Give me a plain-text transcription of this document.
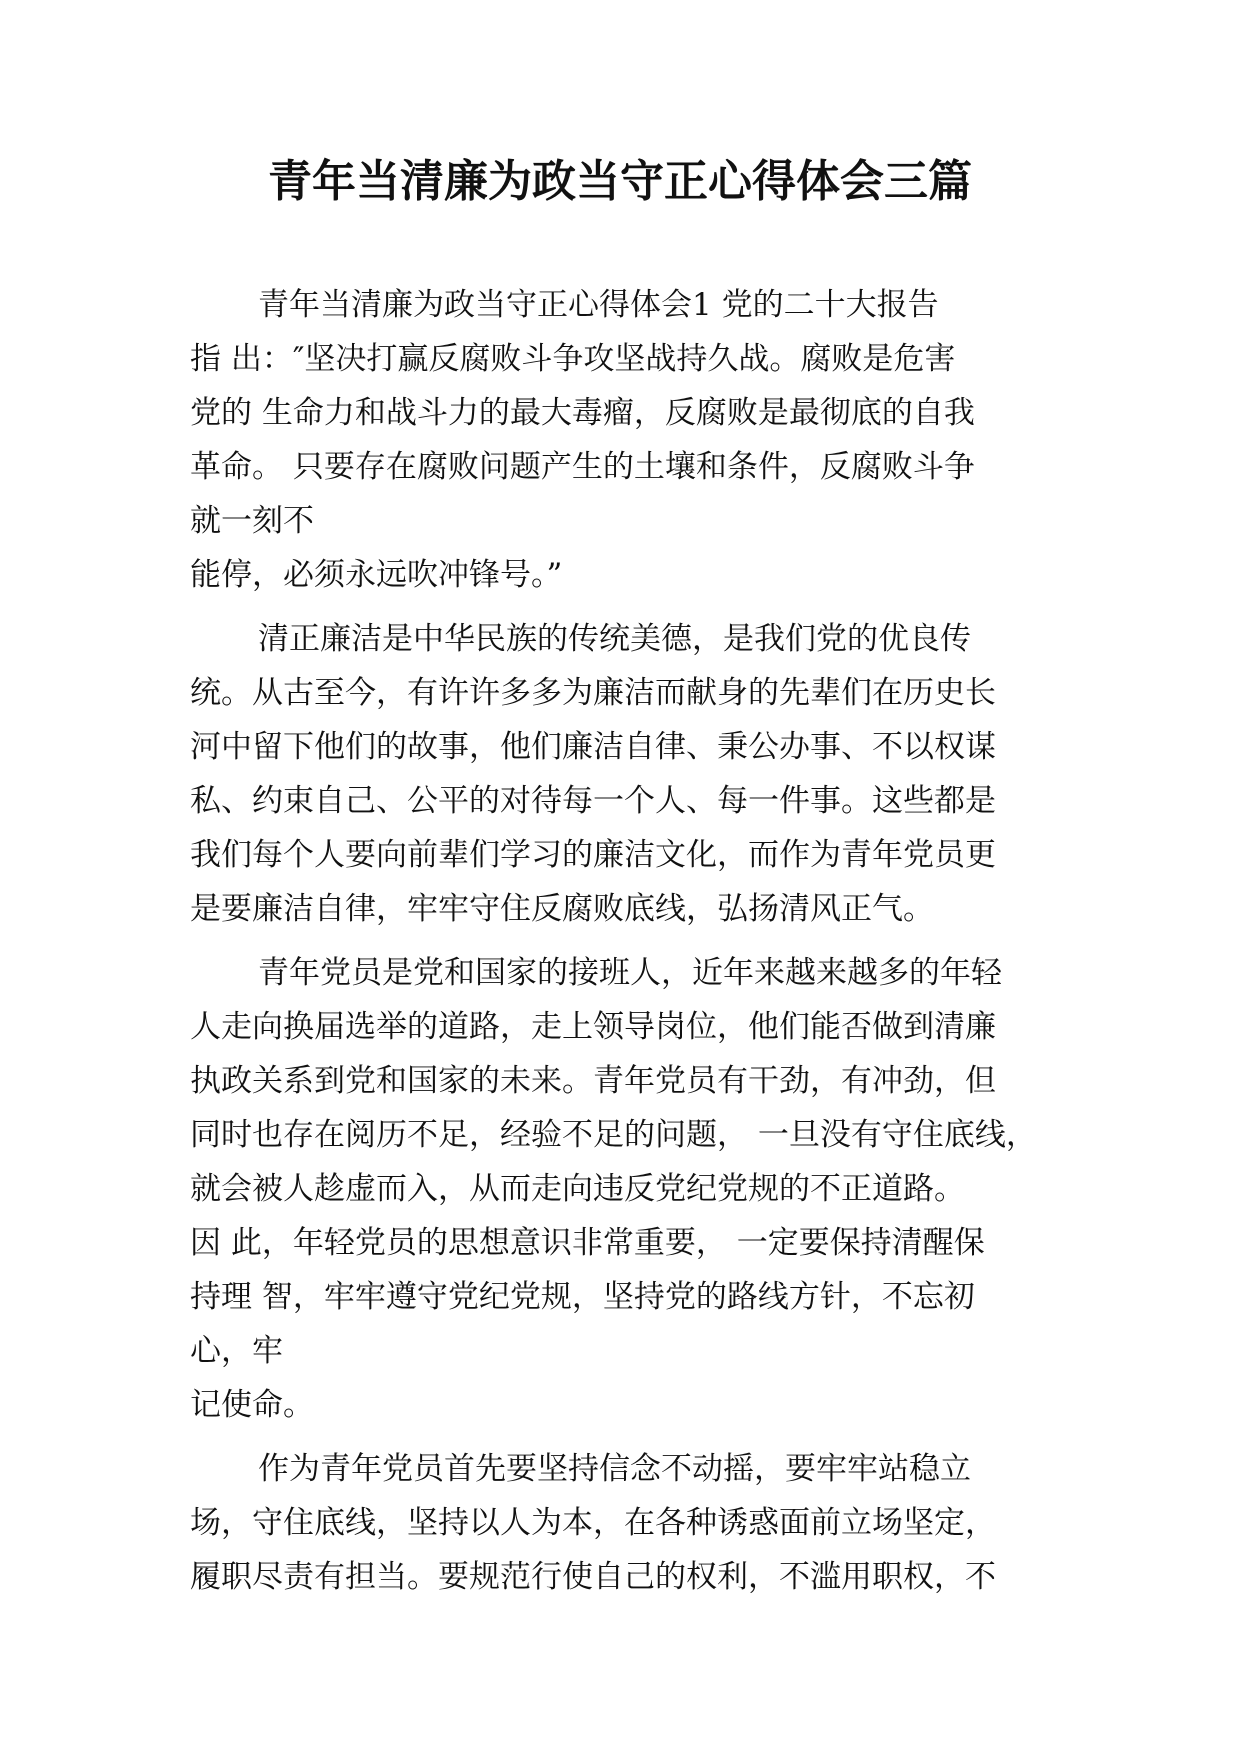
青年当清廉为政当守正心得体会三篇

青年当清廉为政当守正心得体会1 党的二十大报告
指 出：″坚决打赢反腐败斗争攻坚战持久战。腐败是危害
党的 生命力和战斗力的最大毒瘤，反腐败是最彻底的自我
革命。 只要存在腐败问题产生的土壤和条件，反腐败斗争
就一刻不
能停，必须永远吹冲锋号。”

清正廉洁是中华民族的传统美德，是我们党的优良传
统。从古至今，有许许多多为廉洁而献身的先辈们在历史长
河中留下他们的故事，他们廉洁自律、秉公办事、不以权谋
私、约束自己、公平的对待每一个人、每一件事。这些都是
我们每个人要向前辈们学习的廉洁文化，而作为青年党员更
是要廉洁自律，牢牢守住反腐败底线，弘扬清风正气。

青年党员是党和国家的接班人，近年来越来越多的年轻
人走向换届选举的道路，走上领导岗位，他们能否做到清廉
执政关系到党和国家的未来。青年党员有干劲，有冲劲，但
同时也存在阅历不足，经验不足的问题， 一旦没有守住底线，
就会被人趁虚而入，从而走向违反党纪党规的不正道路。
因 此，年轻党员的思想意识非常重要， 一定要保持清醒保
持理 智，牢牢遵守党纪党规，坚持党的路线方针，不忘初
心，牢
记使命。

作为青年党员首先要坚持信念不动摇，要牢牢站稳立
场，守住底线，坚持以人为本，在各种诱惑面前立场坚定，
履职尽责有担当。要规范行使自己的权利，不滥用职权，不
